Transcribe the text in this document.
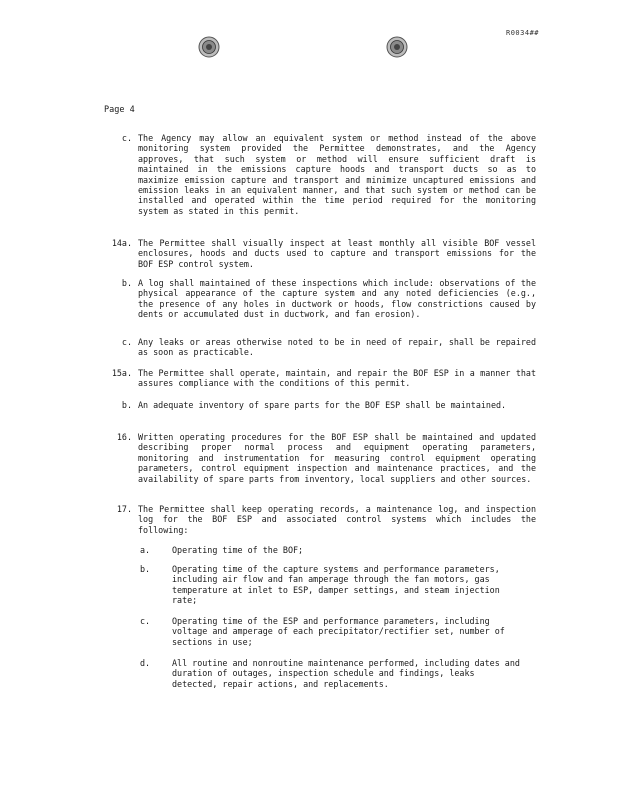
R0034##
Page 4
c. The Agency may allow an equivalent system or method instead of the above monitoring system provided the Permittee demonstrates, and the Agency approves, that such system or method will ensure sufficient draft is maintained in the emissions capture hoods and transport ducts so as to maximize emission capture and transport and minimize uncaptured emissions and emission leaks in an equivalent manner, and that such system or method can be installed and operated within the time period required for the monitoring system as stated in this permit.
14a. The Permittee shall visually inspect at least monthly all visible BOF vessel enclosures, hoods and ducts used to capture and transport emissions for the BOF ESP control system.
b. A log shall maintained of these inspections which include: observations of the physical appearance of the capture system and any noted deficiencies (e.g., the presence of any holes in ductwork or hoods, flow constrictions caused by dents or accumulated dust in ductwork, and fan erosion).
c. Any leaks or areas otherwise noted to be in need of repair, shall be repaired as soon as practicable.
15a. The Permittee shall operate, maintain, and repair the BOF ESP in a manner that assures compliance with the conditions of this permit.
b. An adequate inventory of spare parts for the BOF ESP shall be maintained.
16. Written operating procedures for the BOF ESP shall be maintained and updated describing proper normal process and equipment operating parameters, monitoring and instrumentation for measuring control equipment operating parameters, control equipment inspection and maintenance practices, and the availability of spare parts from inventory, local suppliers and other sources.
17. The Permittee shall keep operating records, a maintenance log, and inspection log for the BOF ESP and associated control systems which includes the following:
a.	Operating time of the BOF;
b.	Operating time of the capture systems and performance parameters, including air flow and fan amperage through the fan motors, gas temperature at inlet to ESP, damper settings, and steam injection rate;
c.	Operating time of the ESP and performance parameters, including voltage and amperage of each precipitator/rectifier set, number of sections in use;
d.	All routine and nonroutine maintenance performed, including dates and duration of outages, inspection schedule and findings, leaks detected, repair actions, and replacements.
